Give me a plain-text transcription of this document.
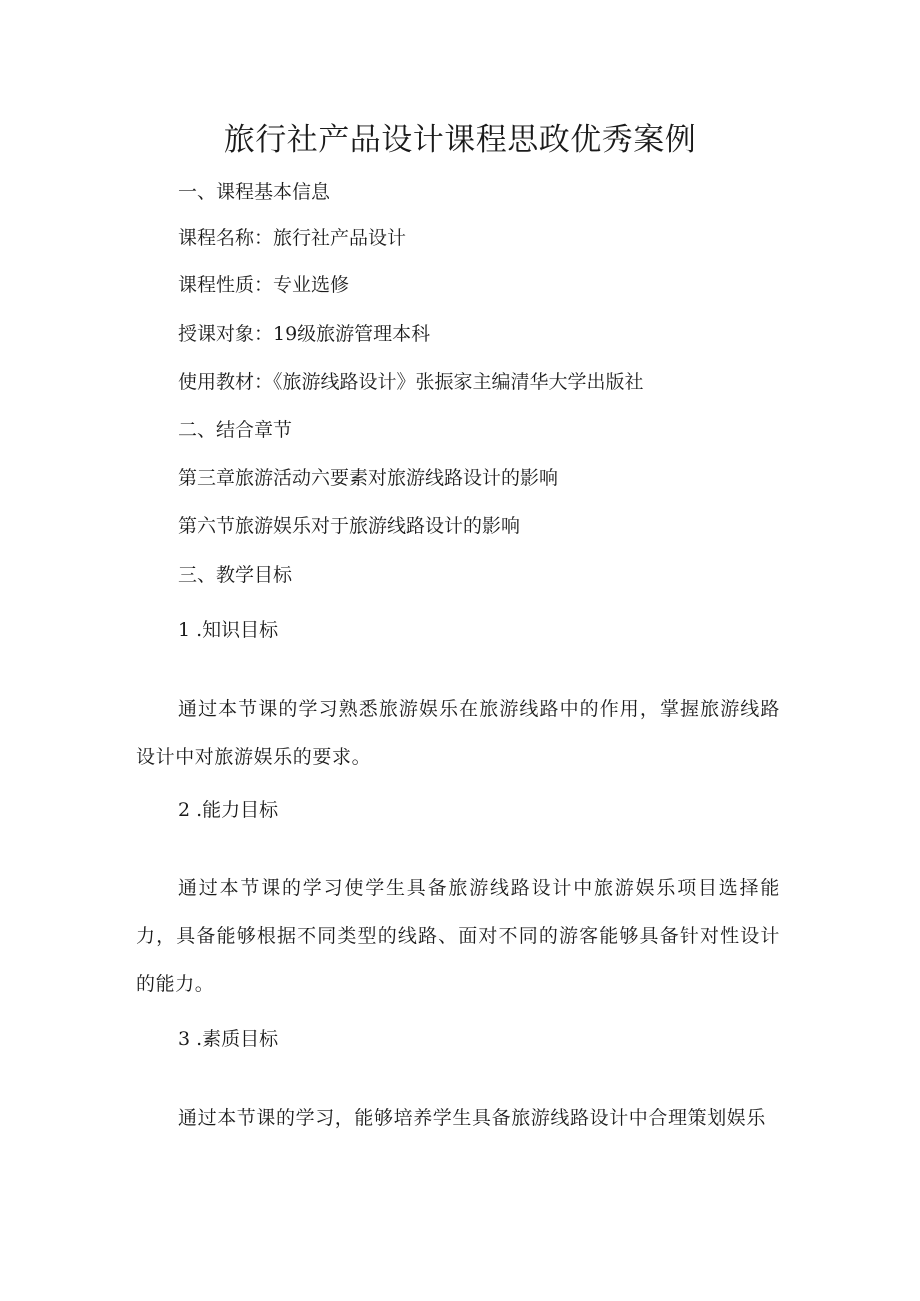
旅行社产品设计课程思政优秀案例

一、课程基本信息

课程名称：旅行社产品设计

课程性质：专业选修

授课对象：19级旅游管理本科

使用教材：《旅游线路设计》张振家主编清华大学出版社

二、结合章节

第三章旅游活动六要素对旅游线路设计的影响

第六节旅游娱乐对于旅游线路设计的影响

三、教学目标

1 .知识目标

通过本节课的学习熟悉旅游娱乐在旅游线路中的作用，掌握旅游线路设计中对旅游娱乐的要求。

2 .能力目标

通过本节课的学习使学生具备旅游线路设计中旅游娱乐项目选择能力，具备能够根据不同类型的线路、面对不同的游客能够具备针对性设计的能力。

3 .素质目标

通过本节课的学习，能够培养学生具备旅游线路设计中合理策划娱乐
